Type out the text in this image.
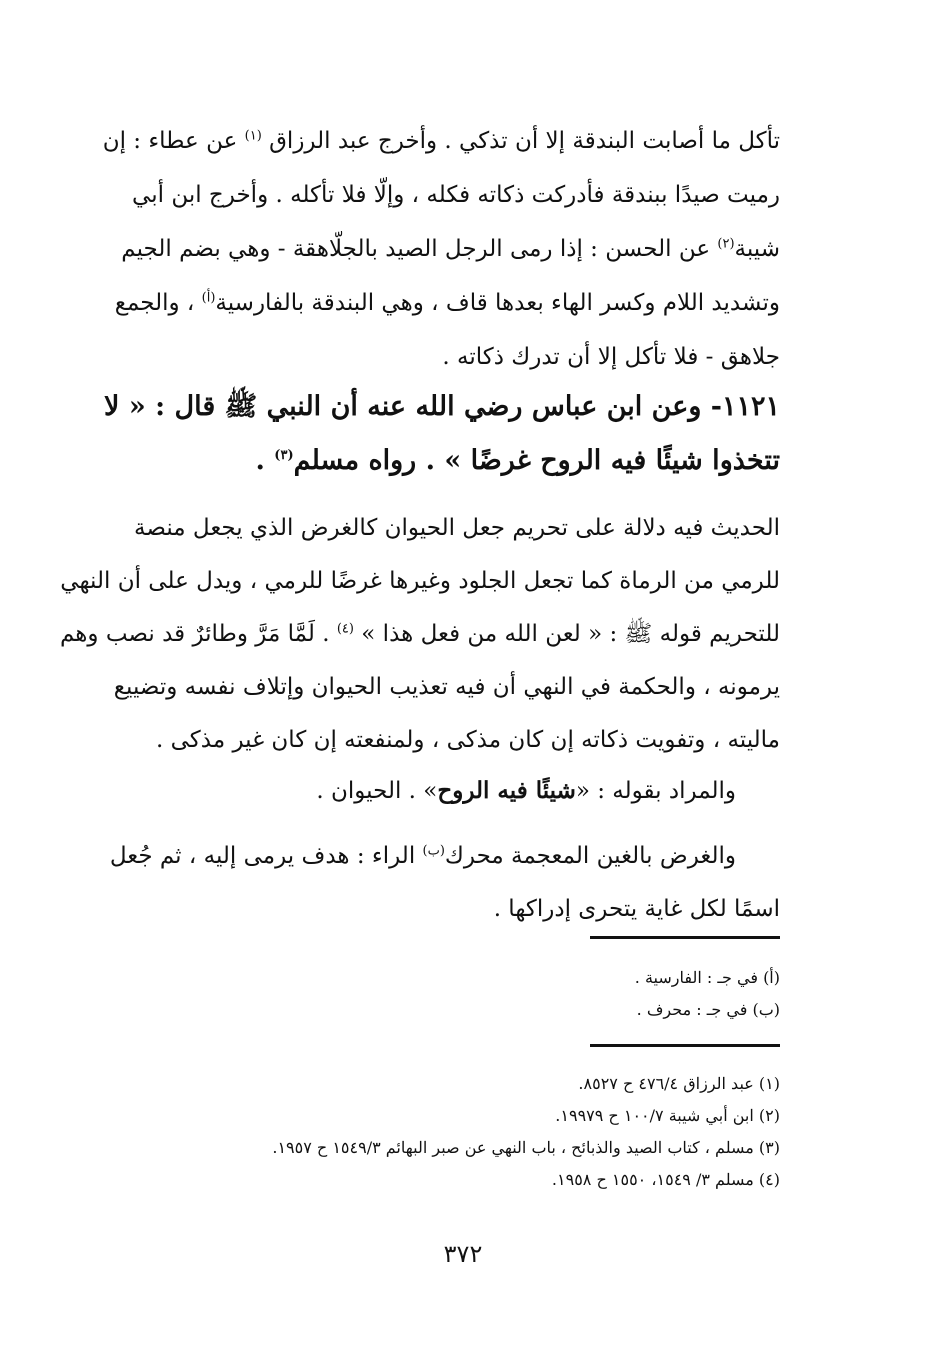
تأكل ما أصابت البندقة إلا أن تذكي . وأخرج عبد الرزاق $^{(١)}$ عن عطاء : إن
رميت صيدًا ببندقة فأدركت ذكاته فكله ، وإلّا فلا تأكله . وأخرج ابن أبي
شيبة$^{(٢)}$ عن الحسن : إذا رمى الرجل الصيد بالجلّاهقة - وهي بضم الجيم
وتشديد اللام وكسر الهاء بعدها قاف ، وهي البندقة بالفارسية$^{(أ)}$ ، والجمع
جلاهق - فلا تأكل إلا أن تدرك ذكاته .
١١٢١- وعن ابن عباس رضي الله عنه أن النبي ﷺ قال : « لا
تتخذوا شيئًا فيه الروح غرضًا » . رواه مسلم$^{(٣)}$ .
الحديث فيه دلالة على تحريم جعل الحيوان كالغرض الذي يجعل منصة
للرمي من الرماة كما تجعل الجلود وغيرها غرضًا للرمي ، ويدل على أن النهي
للتحريم قوله ﷺ : « لعن الله من فعل هذا » $^{(٤)}$ . لَمَّا مَرَّ وطائرٌ قد نصب وهم
يرمونه ، والحكمة في النهي أن فيه تعذيب الحيوان وإتلاف نفسه وتضييع
ماليته ، وتفويت ذكاته إن كان مذكى ، ولمنفعته إن كان غير مذكى .
والمراد بقوله : «شيئًا فيه الروح» . الحيوان .
والغرض بالغين المعجمة محرك$^{(ب)}$ الراء : هدف يرمى إليه ، ثم جُعل
اسمًا لكل غاية يتحرى إدراكها .
(أ) في جـ : الفارسية .
(ب) في جـ : محرف .
(١) عبد الرزاق ٤٧٦/٤ ح ٨٥٢٧.
(٢) ابن أبي شيبة ١٠٠/٧ ح ١٩٩٧٩.
(٣) مسلم ، كتاب الصيد والذبائح ، باب النهي عن صبر البهائم ١٥٤٩/٣ ح ١٩٥٧.
(٤) مسلم ٣/ ١٥٤٩، ١٥٥٠ ح ١٩٥٨.
٣٧٢
